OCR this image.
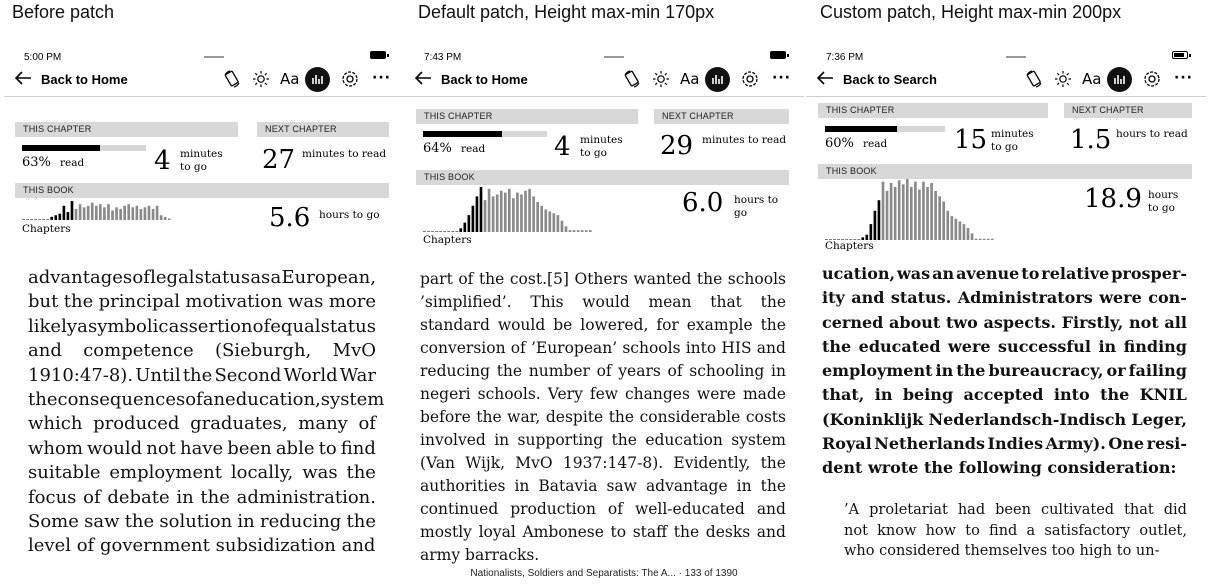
Before patch	Default patch, Height max-min 170px	Custom patch, Height max-min 200px
5:00 PM
Back to Home	Aa	···
THIS CHAPTER
63% read	4 minutes
to go
NEXT CHAPTER
27 minutes to read
THIS BOOK
Chapters	5.6 hours to go
advantages of legal status as a European,
but the principal motivation was more
likely a symbolic assertion of equal status
and competence (Sieburgh, MvO
1910:47-8). Until the Second World War
the consequences of an education, system
which produced graduates, many of
whom would not have been able to find
suitable employment locally, was the
focus of debate in the administration.
Some saw the solution in reducing the
level of government subsidization and
7:43 PM
Back to Home	Aa	···
THIS CHAPTER
64% read	4 minutes
to go
NEXT CHAPTER
29 minutes to read
THIS BOOK
Chapters
6.0 hours to
go
part of the cost.[5] Others wanted the schools
’simplified’. This would mean that the
standard would be lowered, for example the
conversion of ’European’ schools into HIS and
reducing the number of years of schooling in
negeri schools. Very few changes were made
before the war, despite the considerable costs
involved in supporting the education system
(Van Wijk, MvO 1937:147-8). Evidently, the
authorities in Batavia saw advantage in the
continued production of well-educated and
mostly loyal Ambonese to staff the desks and
army barracks.
Nationalists, Soldiers and Separatists: The A... · 133 of 1390
7:36 PM
Back to Search	Aa	···
THIS CHAPTER
60% read	15 minutes
to go
NEXT CHAPTER
1.5 hours to read
THIS BOOK
Chapters
18.9 hours
to go
ucation, was an avenue to relative prosper-
ity and status. Administrators were con-
cerned about two aspects. Firstly, not all
the educated were successful in finding
employment in the bureaucracy, or failing
that, in being accepted into the KNIL
(Koninklijk Nederlandsch-Indisch Leger,
Royal Netherlands Indies Army). One resi-
dent wrote the following consideration:
’A proletariat had been cultivated that did
not know how to find a satisfactory outlet,
who considered themselves too high to un-
